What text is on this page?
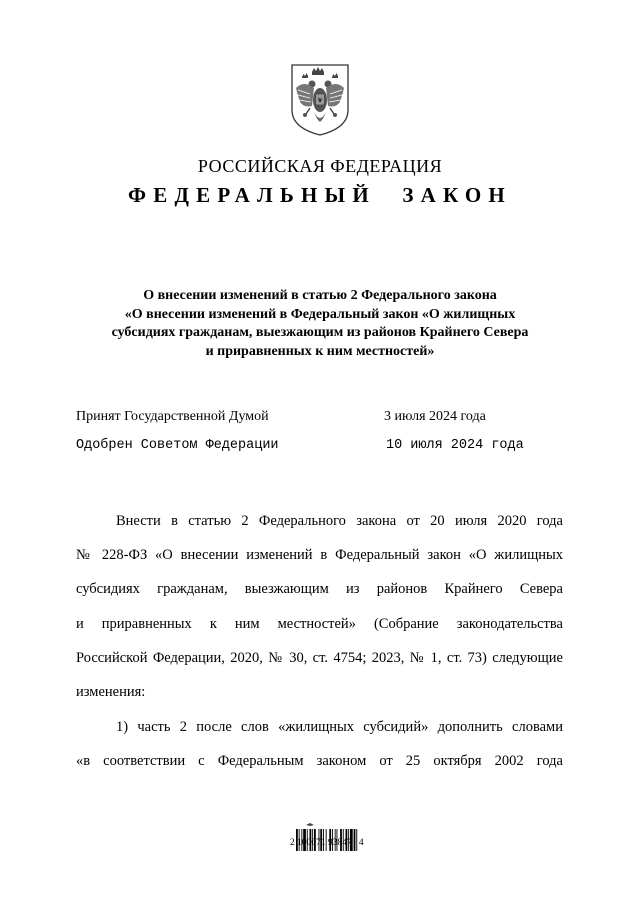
РОССИЙСКАЯ ФЕДЕРАЦИЯ
ФЕДЕРАЛЬНЫЙ ЗАКОН
О внесении изменений в статью 2 Федерального закона
«О внесении изменений в Федеральный закон «О жилищных
субсидиях гражданам, выезжающим из районов Крайнего Севера
и приравненных к ним местностей»
Принят Государственной Думой	3 июля 2024 года
Одобрен Советом Федерации	10 июля 2024 года
Внести в статью 2 Федерального закона от 20 июля 2020 года
№ 228-ФЗ «О внесении изменений в Федеральный закон «О жилищных
субсидиях гражданам, выезжающим из районов Крайнего Севера
и приравненных к ним местностей» (Собрание законодательства
Российской Федерации, 2020, № 30, ст. 4754; 2023, № 1, ст. 73) следующие
изменения:
1) часть 2 после слов «жилищных субсидий» дополнить словами
«в соответствии с Федеральным законом от 25 октября 2002 года
2 100071 93847   4
